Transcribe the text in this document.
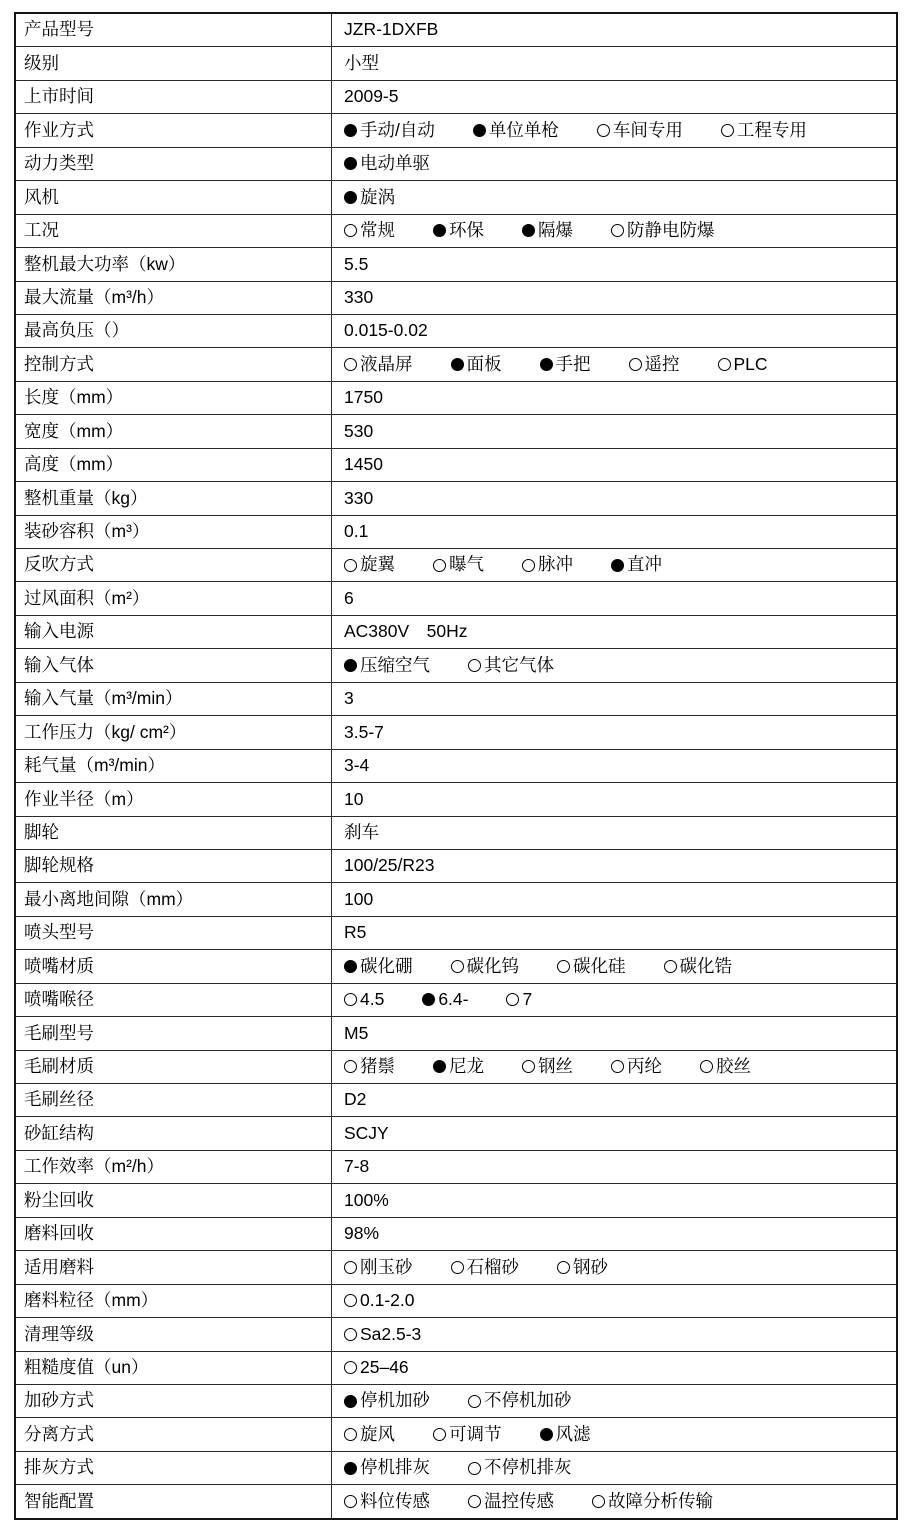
产品型号	JZR-1DXFB
级别	小型
上市时间	2009-5
作业方式	手动/自动	单位单枪	车间专用	工程专用
动力类型	电动单驱
风机	旋涡
工况	常规	环保	隔爆	防静电防爆
整机最大功率（kw）	5.5
最大流量（m³/h）	330
最高负压（）	0.015-0.02
控制方式	液晶屏	面板	手把	遥控	PLC
长度（mm）	1750
宽度（mm）	530
高度（mm）	1450
整机重量（kg）	330
装砂容积（m³）	0.1
反吹方式	旋翼	曝气	脉冲	直冲
过风面积（m²）	6
输入电源	AC380V　50Hz
输入气体	压缩空气	其它气体
输入气量（m³/min）	3
工作压力（kg/ cm²）	3.5-7
耗气量（m³/min）	3-4
作业半径（m）	10
脚轮	刹车
脚轮规格	100/25/R23
最小离地间隙（mm）	100
喷头型号	R5
喷嘴材质	碳化硼	碳化钨	碳化硅	碳化锆
喷嘴喉径	4.5	6.4-	7
毛刷型号	M5
毛刷材质	猪鬃	尼龙	钢丝	丙纶	胶丝
毛刷丝径	D2
砂缸结构	SCJY
工作效率（m²/h）	7-8
粉尘回收	100%
磨料回收	98%
适用磨料	刚玉砂	石榴砂	钢砂
磨料粒径（mm）	0.1-2.0
清理等级	Sa2.5-3
粗糙度值（un）	25–46
加砂方式	停机加砂	不停机加砂
分离方式	旋风	可调节	风滤
排灰方式	停机排灰	不停机排灰
智能配置	料位传感	温控传感	故障分析传输
